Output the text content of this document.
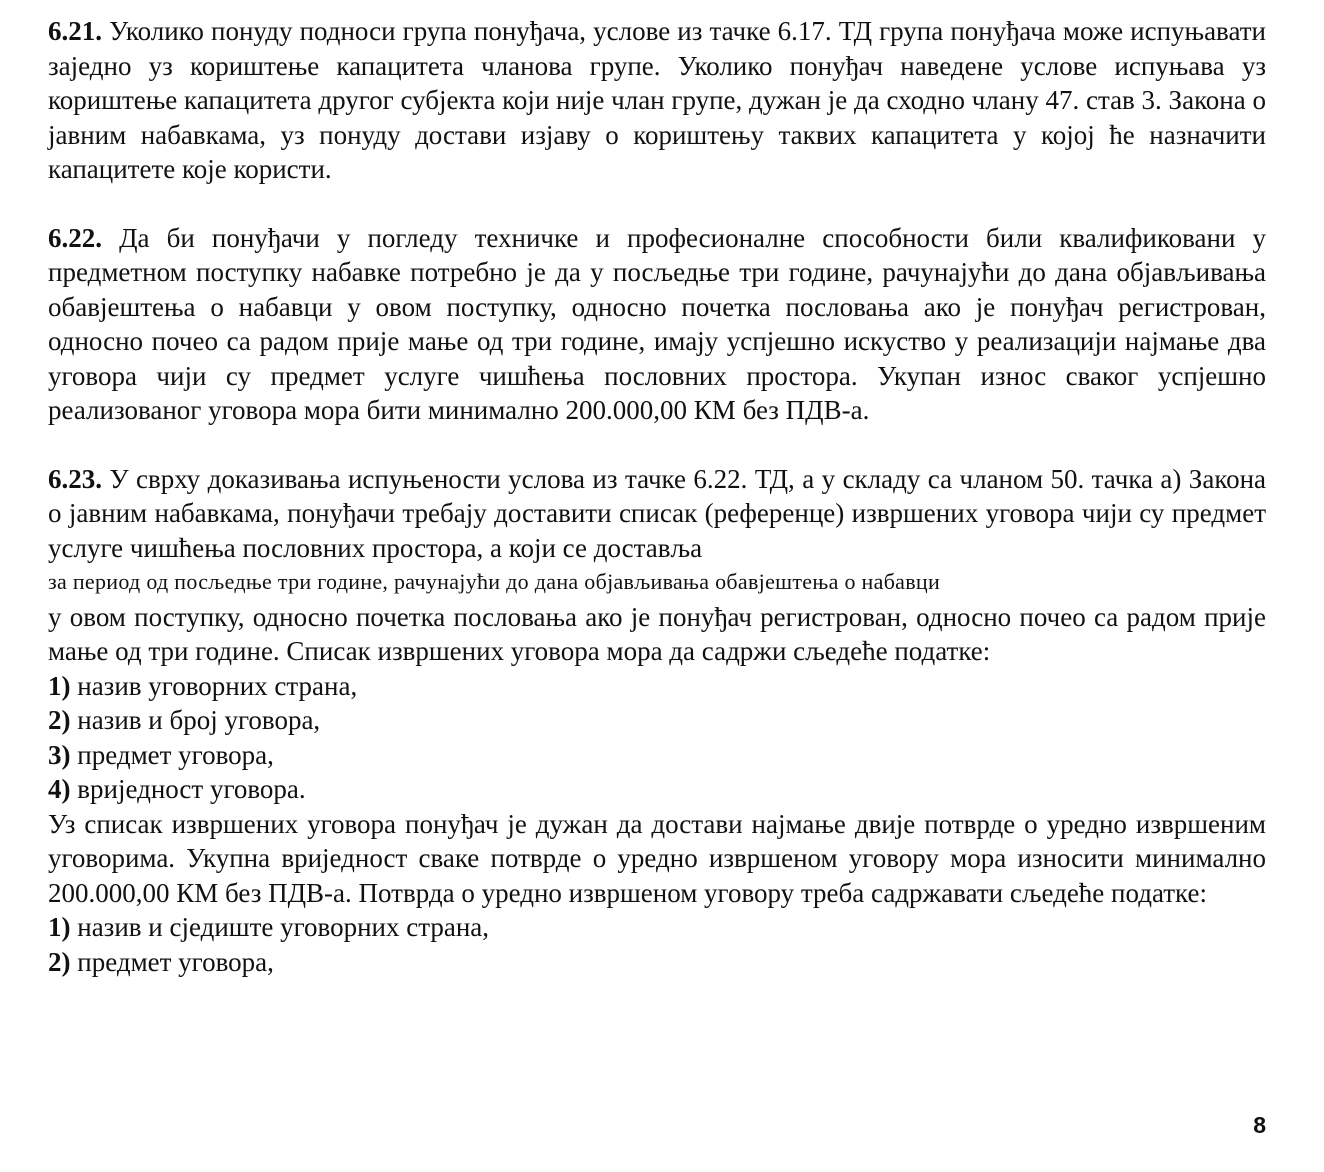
6.21. Уколико понуду подноси група понуђача, услове из тачке 6.17. ТД група понуђача може испуњавати заједно уз кориштење капацитета чланова групе. Уколико понуђач наведене услове испуњава уз кориштење капацитета другог субјекта који није члан групе, дужан је да сходно члану 47. став 3. Закона о јавним набавкама, уз понуду достави изјаву о кориштењу таквих капацитета у којој ће назначити капацитете које користи.

6.22. Да би понуђачи у погледу техничке и професионалне способности били квалификовани у предметном поступку набавке потребно је да у посљедње три године, рачунајући до дана објављивања обавјештења о набавци у овом поступку, односно почетка пословања ако је понуђач регистрован, односно почео са радом прије мање од три године, имају успјешно искуство у реализацији најмање два уговора чији су предмет услуге чишћења пословних простора. Укупан износ сваког успјешно реализованог уговора мора бити минимално 200.000,00 КМ без ПДВ-а.

6.23. У сврху доказивања испуњености услова из тачке 6.22. ТД, а у складу са чланом 50. тачка а) Закона о јавним набавкама, понуђачи требају доставити списак (референце) извршених уговора чији су предмет услуге чишћења пословних простора, а који се доставља
за период од посљедње три године, рачунајући до дана објављивања обавјештења о набавци
у овом поступку, односно почетка пословања ако је понуђач регистрован, односно почео са радом прије мање од три године. Списак извршених уговора мора да садржи сљедеће податке:

1) назив уговорних страна,

2) назив и број уговора,

3) предмет уговора,

4) вриједност уговора.

Уз списак извршених уговора понуђач је дужан да достави најмање двије потврде о уредно извршеним уговорима. Укупна вриједност сваке потврде о уредно извршеном уговору мора износити минимално 200.000,00 КМ без ПДВ-а. Потврда о уредно извршеном уговору треба садржавати сљедеће податке:

1) назив и сједиште уговорних страна,

2) предмет уговора,

8
